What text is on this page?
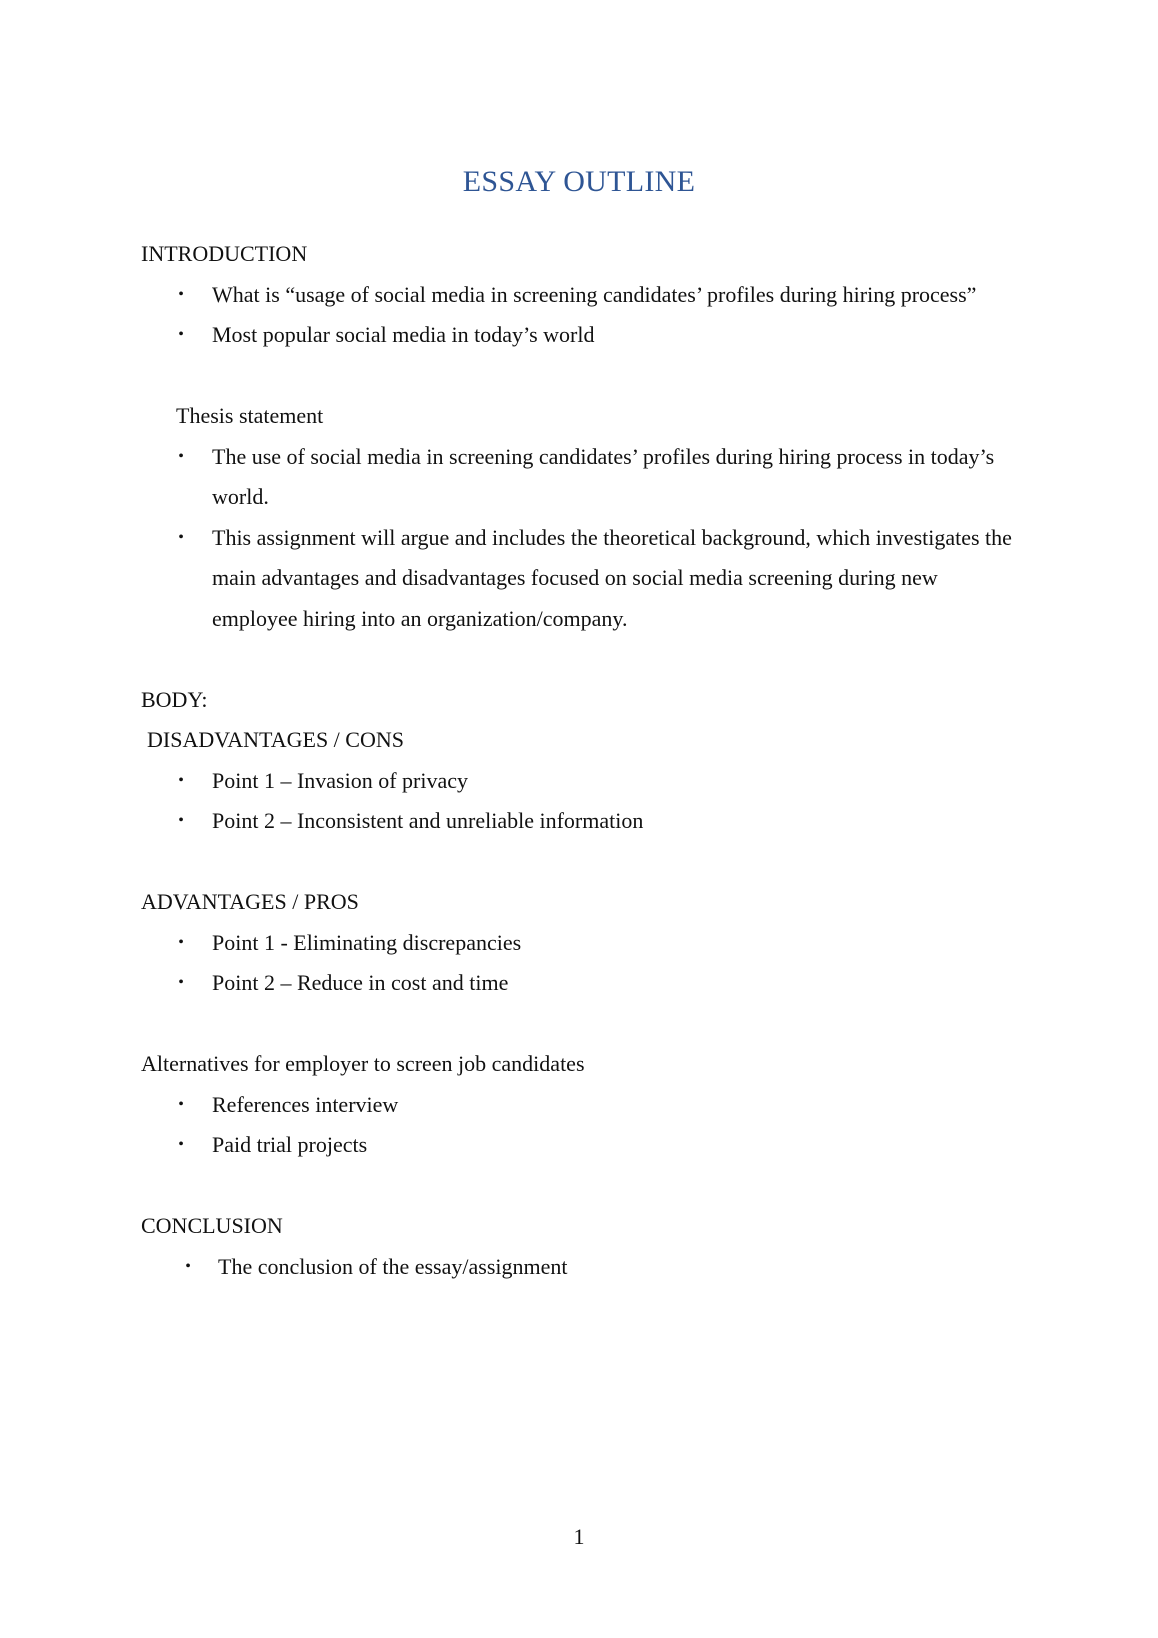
ESSAY OUTLINE
INTRODUCTION
• What is “usage of social media in screening candidates’ profiles during hiring process”
• Most popular social media in today’s world
Thesis statement
• The use of social media in screening candidates’ profiles during hiring process in today’s world.
• This assignment will argue and includes the theoretical background, which investigates the main advantages and disadvantages focused on social media screening during new employee hiring into an organization/company.
BODY:
DISADVANTAGES / CONS
• Point 1 – Invasion of privacy
• Point 2 – Inconsistent and unreliable information
ADVANTAGES / PROS
• Point 1 - Eliminating discrepancies
• Point 2 – Reduce in cost and time
Alternatives for employer to screen job candidates
• References interview
• Paid trial projects
CONCLUSION
• The conclusion of the essay/assignment
1
